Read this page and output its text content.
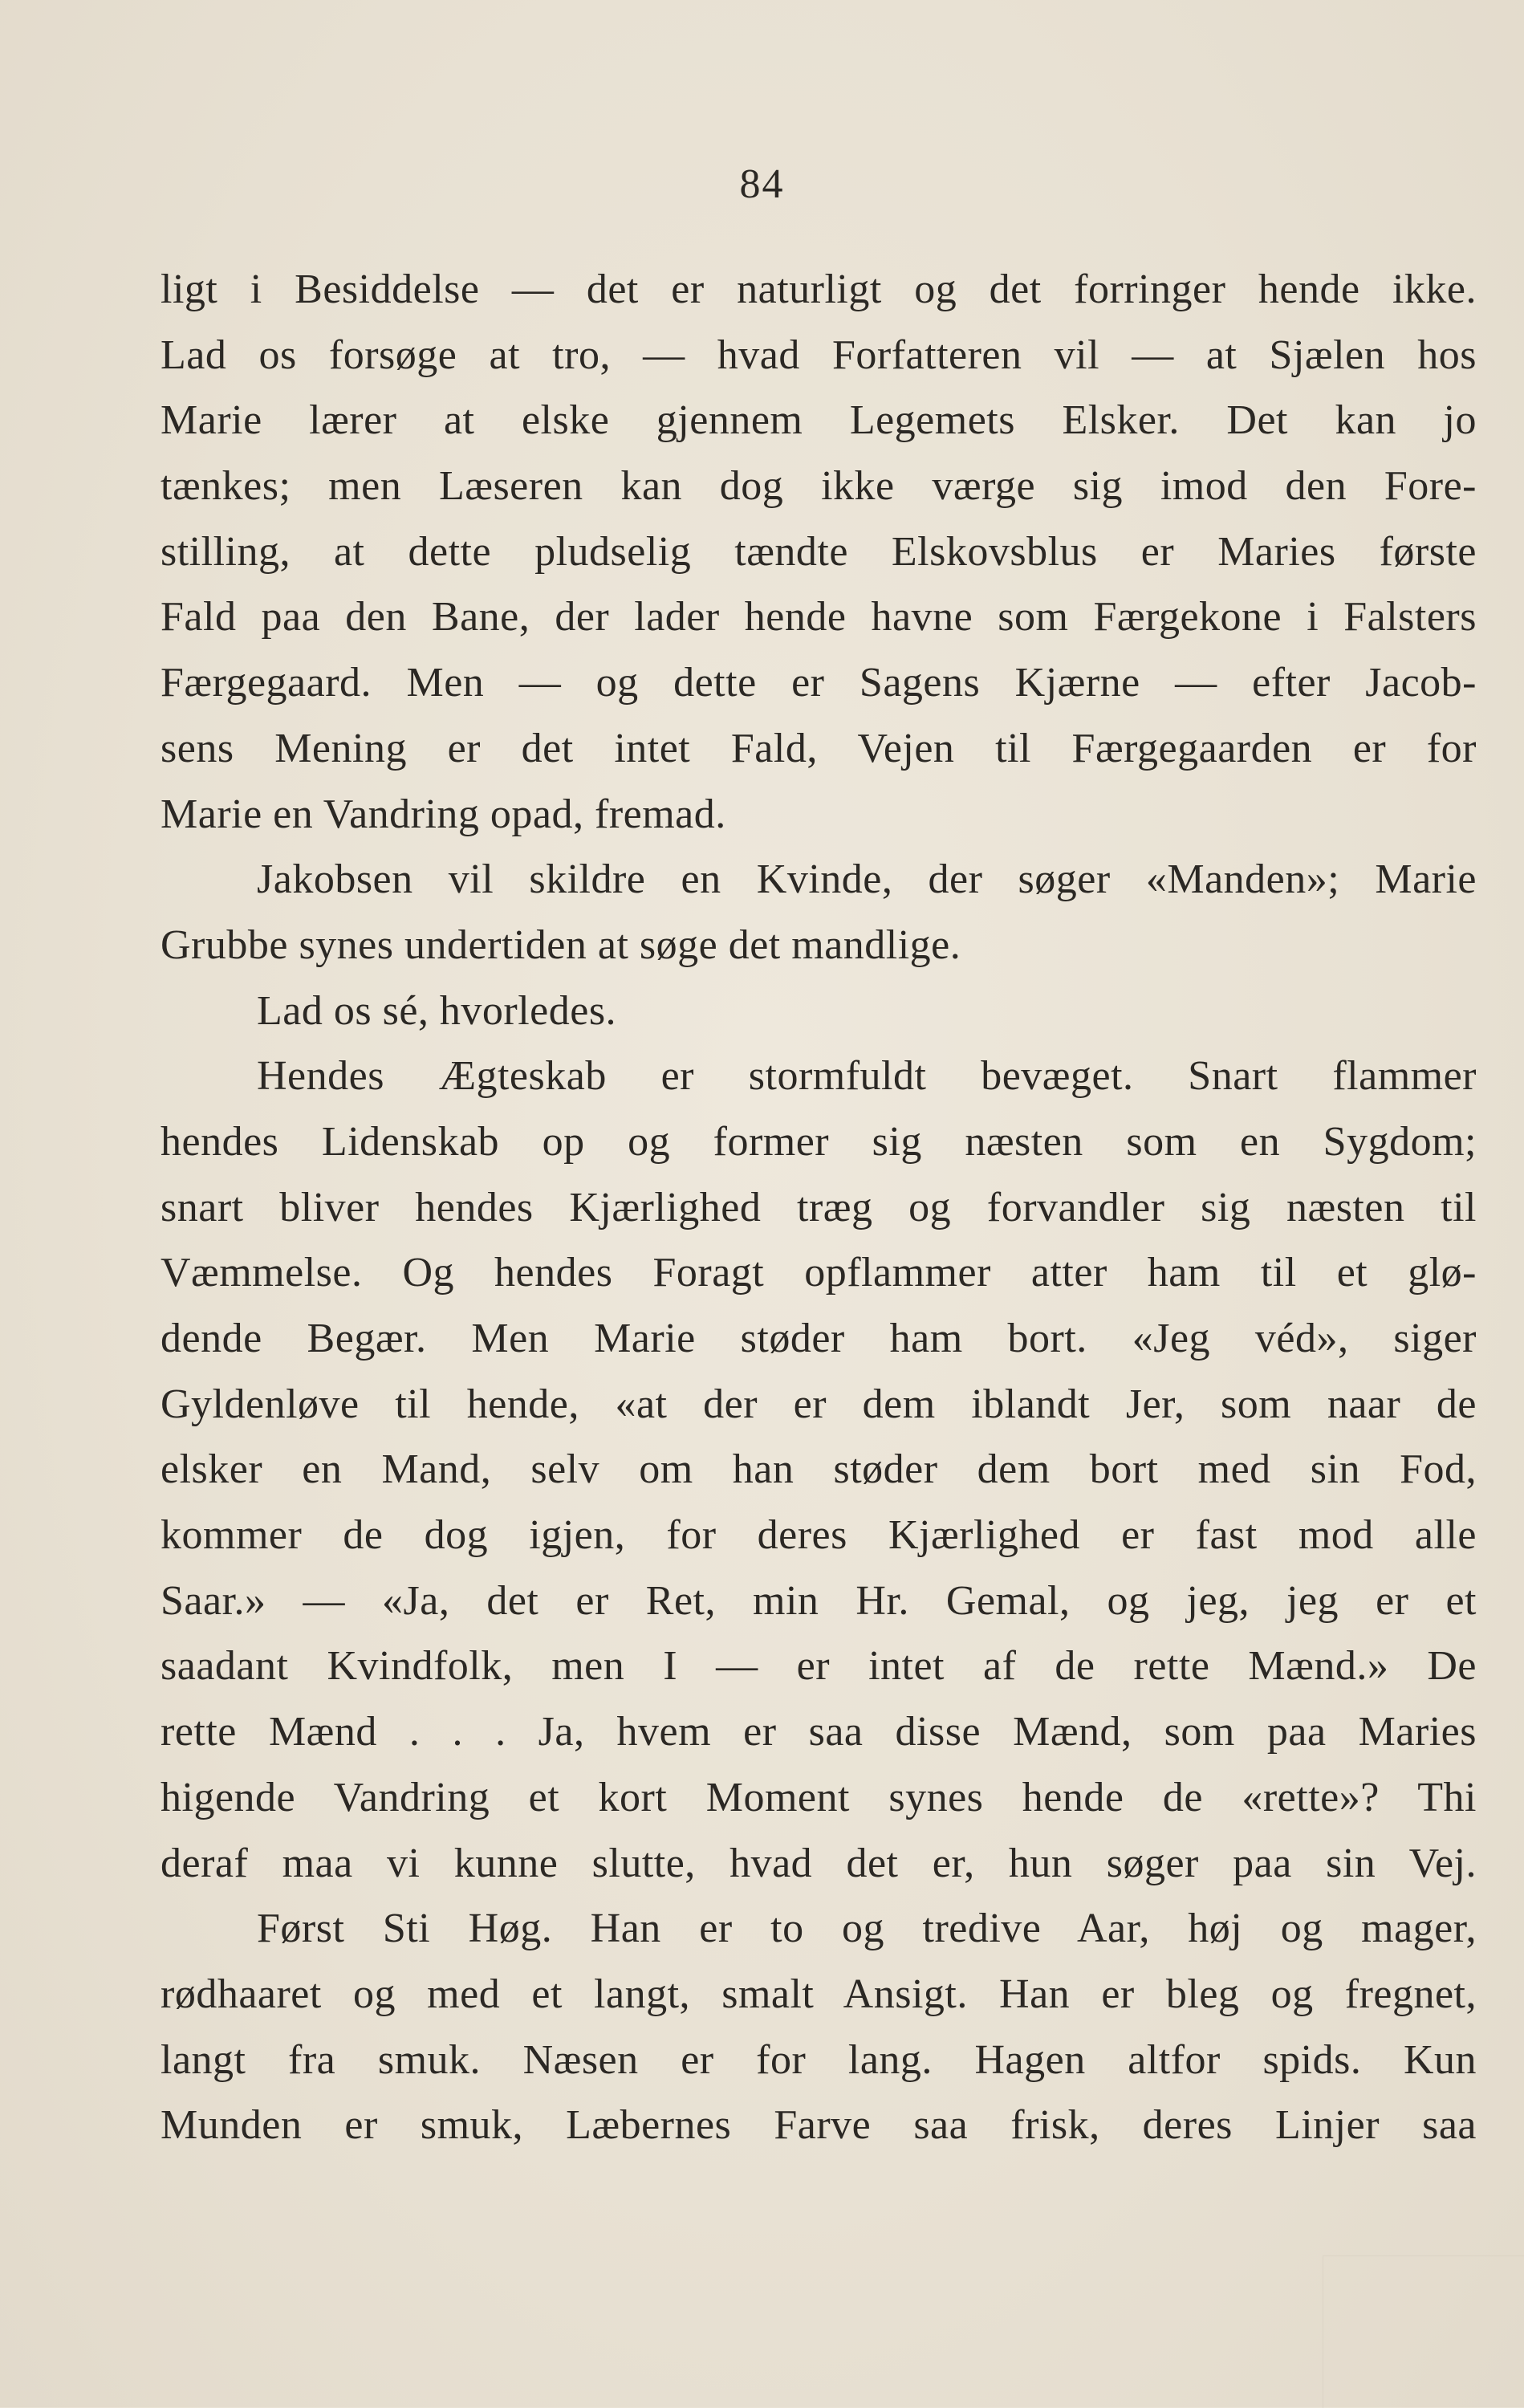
84
ligt i Besiddelse — det er naturligt og det forringer hende ikke.
Lad os forsøge at tro, — hvad Forfatteren vil — at Sjælen hos
Marie lærer at elske gjennem Legemets Elsker. Det kan jo
tænkes; men Læseren kan dog ikke værge sig imod den Fore-
stilling, at dette pludselig tændte Elskovsblus er Maries første
Fald paa den Bane, der lader hende havne som Færgekone i Falsters
Færgegaard. Men — og dette er Sagens Kjærne — efter Jacob-
sens Mening er det intet Fald, Vejen til Færgegaarden er for
Marie en Vandring opad, fremad.
Jakobsen vil skildre en Kvinde, der søger «Manden»; Marie
Grubbe synes undertiden at søge det mandlige.
Lad os sé, hvorledes.
Hendes Ægteskab er stormfuldt bevæget. Snart flammer
hendes Lidenskab op og former sig næsten som en Sygdom;
snart bliver hendes Kjærlighed træg og forvandler sig næsten til
Væmmelse. Og hendes Foragt opflammer atter ham til et glø-
dende Begær. Men Marie støder ham bort. «Jeg véd», siger
Gyldenløve til hende, «at der er dem iblandt Jer, som naar de
elsker en Mand, selv om han støder dem bort med sin Fod,
kommer de dog igjen, for deres Kjærlighed er fast mod alle
Saar.» — «Ja, det er Ret, min Hr. Gemal, og jeg, jeg er et
saadant Kvindfolk, men I — er intet af de rette Mænd.» De
rette Mænd . . . Ja, hvem er saa disse Mænd, som paa Maries
higende Vandring et kort Moment synes hende de «rette»? Thi
deraf maa vi kunne slutte, hvad det er, hun søger paa sin Vej.
Først Sti Høg. Han er to og tredive Aar, høj og mager,
rødhaaret og med et langt, smalt Ansigt. Han er bleg og fregnet,
langt fra smuk. Næsen er for lang. Hagen altfor spids. Kun
Munden er smuk, Læbernes Farve saa frisk, deres Linjer saa
